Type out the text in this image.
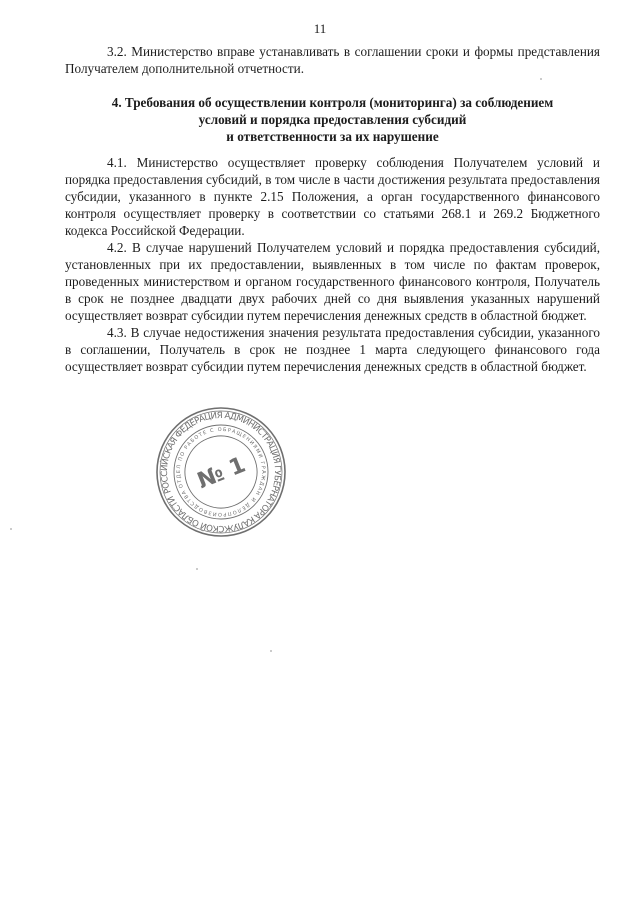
11

3.2. Министерство вправе устанавливать в соглашении сроки и формы представления Получателем дополнительной отчетности.

4. Требования об осуществлении контроля (мониторинга) за соблюдением

условий и порядка предоставления субсидий

и ответственности за их нарушение

4.1. Министерство осуществляет проверку соблюдения Получателем условий и порядка предоставления субсидий, в том числе в части достижения результата предоставления субсидии, указанного в пункте 2.15 Положения, а орган государственного финансового контроля осуществляет проверку в соответствии со статьями 268.1 и 269.2 Бюджетного кодекса Российской Федерации.

4.2. В случае нарушений Получателем условий и порядка предоставления субсидий, установленных при их предоставлении, выявленных в том числе по фактам проверок, проведенных министерством и органом государственного финансового контроля, Получатель в срок не позднее двадцати двух рабочих дней со дня выявления указанных нарушений осуществляет возврат субсидии путем перечисления денежных средств в областной бюджет.

4.3. В случае недостижения значения результата предоставления субсидии, указанного в соглашении, Получатель в срок не позднее 1 марта следующего финансового года осуществляет возврат субсидии путем перечисления денежных средств в областной бюджет.

РОССИЙСКАЯ ФЕДЕРАЦИЯ АДМИНИСТРАЦИЯ ГУБЕРНАТОРА КАЛУЖСКОЙ ОБЛАСТИ
ОТДЕЛ ПО РАБОТЕ С ОБРАЩЕНИЯМИ ГРАЖДАН И ДЕЛОПРОИЗВОДСТВА № 1
